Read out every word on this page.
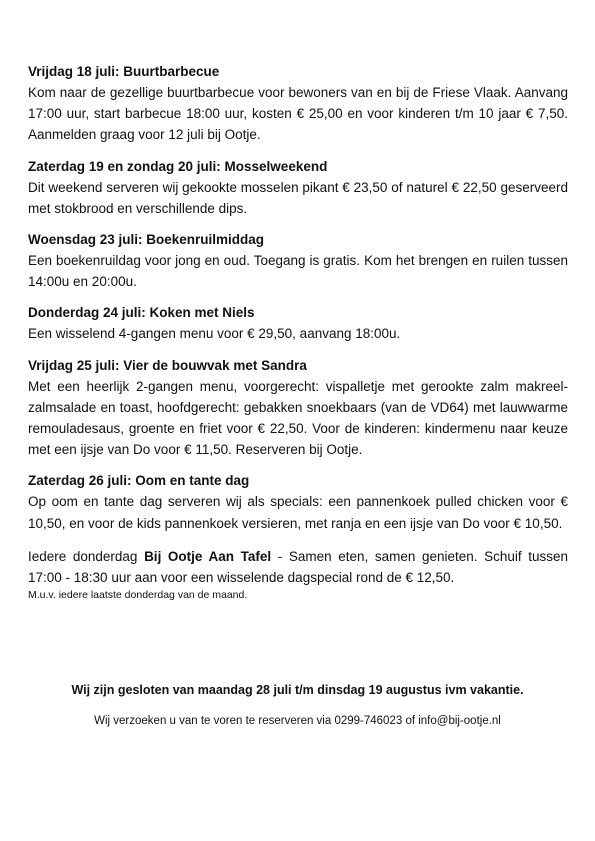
Vrijdag 18 juli: Buurtbarbecue

Kom naar de gezellige buurtbarbecue voor bewoners van en bij de Friese Vlaak. Aanvang 17:00 uur, start barbecue 18:00 uur, kosten € 25,00 en voor kinderen t/m 10 jaar € 7,50. Aanmelden graag voor 12 juli bij Ootje.

Zaterdag 19 en zondag 20 juli: Mosselweekend

Dit weekend serveren wij gekookte mosselen pikant € 23,50 of naturel € 22,50 geserveerd met stokbrood en verschillende dips.

Woensdag 23 juli: Boekenruilmiddag

Een boekenruildag voor jong en oud. Toegang is gratis. Kom het brengen en ruilen tussen 14:00u en 20:00u.

Donderdag 24 juli: Koken met Niels

Een wisselend 4-gangen menu voor € 29,50, aanvang 18:00u.

Vrijdag 25 juli: Vier de bouwvak met Sandra

Met een heerlijk 2-gangen menu, voorgerecht: vispalletje met gerookte zalm makreel-zalmsalade en toast, hoofdgerecht: gebakken snoekbaars (van de VD64) met lauwwarme remouladesaus, groente en friet voor € 22,50. Voor de kinderen: kindermenu naar keuze met een ijsje van Do voor € 11,50. Reserveren bij Ootje.

Zaterdag 26 juli: Oom en tante dag

Op oom en tante dag serveren wij als specials: een pannenkoek pulled chicken voor € 10,50, en voor de kids pannenkoek versieren, met ranja en een ijsje van Do voor € 10,50.

Iedere donderdag Bij Ootje Aan Tafel - Samen eten, samen genieten. Schuif tussen 17:00 - 18:30 uur aan voor een wisselende dagspecial rond de € 12,50.
M.u.v. iedere laatste donderdag van de maand.
Wij zijn gesloten van maandag 28 juli t/m dinsdag 19 augustus ivm vakantie.
Wij verzoeken u van te voren te reserveren via 0299-746023 of info@bij-ootje.nl
